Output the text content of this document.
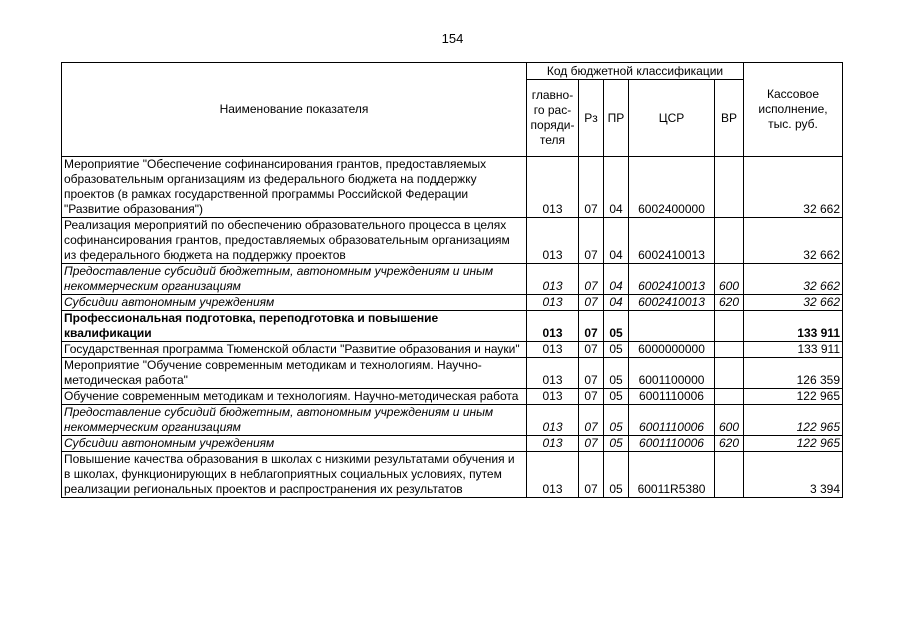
154
Наименование показателя	Код бюджетной классификации					Кассовое исполнение, тыс. руб.
	главно-го рас-поряди-теля	Рз	ПР	ЦСР	ВР	
Мероприятие "Обеспечение софинансирования грантов, предоставляемых образовательным организациям из федерального бюджета на поддержку проектов (в рамках государственной программы Российской Федерации "Развитие образования")	013	07	04	6002400000		32 662
Реализация мероприятий по обеспечению образовательного процесса в целях софинансирования грантов, предоставляемых образовательным организациям из федерального бюджета на поддержку проектов	013	07	04	6002410013		32 662
Предоставление субсидий бюджетным, автономным учреждениям и иным некоммерческим организациям	013	07	04	6002410013	600	32 662
Субсидии автономным учреждениям	013	07	04	6002410013	620	32 662
Профессиональная подготовка, переподготовка и повышение квалификации	013	07	05			133 911
Государственная программа Тюменской области "Развитие образования и науки"	013	07	05	6000000000		133 911
Мероприятие "Обучение современным методикам и технологиям. Научно-методическая работа"	013	07	05	6001100000		126 359
Обучение современным методикам и технологиям. Научно-методическая работа	013	07	05	6001110006		122 965
Предоставление субсидий бюджетным, автономным учреждениям и иным некоммерческим организациям	013	07	05	6001110006	600	122 965
Субсидии автономным учреждениям	013	07	05	6001110006	620	122 965
Повышение качества образования в школах с низкими результатами обучения и в школах, функционирующих в неблагоприятных социальных условиях, путем реализации региональных проектов и распространения их результатов	013	07	05	60011R5380		3 394
